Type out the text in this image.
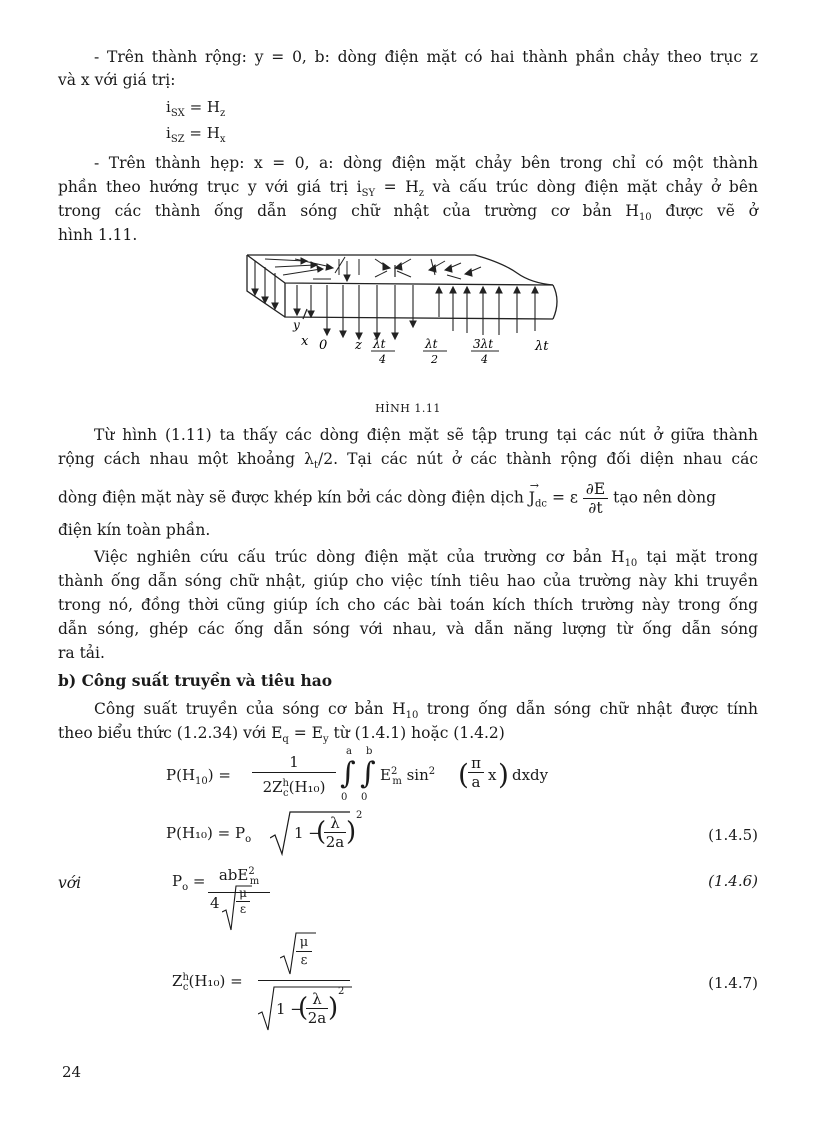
- Trên thành rộng: y = 0, b: dòng điện mặt có hai thành phần chảy theo trục z
và x với giá trị:
$i_{SX} = H_z$
$i_{SZ} = H_x$
- Trên thành hẹp: x = 0, a: dòng điện mặt chảy bên trong chỉ có một thành
phần theo hướng trục y với giá trị $i_{SY} = H_z$ và cấu trúc dòng điện mặt chảy ở bên
trong các thành ống dẫn sóng chữ nhật của trường cơ bản $H_{10}$ được vẽ ở
hình 1.11.
x
y
0 z λt
4
λt
2
3λt
4
λt
HÌNH 1.11
Từ hình (1.11) ta thấy các dòng điện mặt sẽ tập trung tại các nút ở giữa thành
rộng cách nhau một khoảng $\lambda_t/2$. Tại các nút ở các thành rộng đối diện nhau các
dòng điện mặt này sẽ được khép kín bởi các dòng điện dịch
→
$J_{dc} = \varepsilon \frac{\partial E}{\partial t}$ tạo nên dòng
điện kín toàn phần.
Việc nghiên cứu cấu trúc dòng điện mặt của trường cơ bản $H_{10}$ tại mặt trong
thành ống dẫn sóng chữ nhật, giúp cho việc tính tiêu hao của trường này khi truyền
trong nó, đồng thời cũng giúp ích cho các bài toán kích thích trường này trong ống
dẫn sóng, ghép các ống dẫn sóng với nhau, và dẫn năng lượng từ ống dẫn sóng
ra tải.
b) Công suất truyền và tiêu hao
Công suất truyền của sóng cơ bản $H_{10}$ trong ống dẫn sóng chữ nhật được tính
theo biểu thức (1.2.34) với $E_q = E_y$ từ (1.4.1) hoặc (1.4.2)
$P(H_{10})$ =
1
$2Z^h_c(H_{10})$ ∫
a
0
∫
b
0
$E^2_m$ $\sin^2$ ( π
a x ) dxdy
$P(H_{10}) = P_o$	1 −
( λ
2a )
2
(1.4.5)
với	$P_o = abE^2_m$
4
μ
ε
(1.4.6)
$Z^h_c(H_{10})$ =
μ
ε
1 −
( λ
2a )
2	(1.4.7)
24
